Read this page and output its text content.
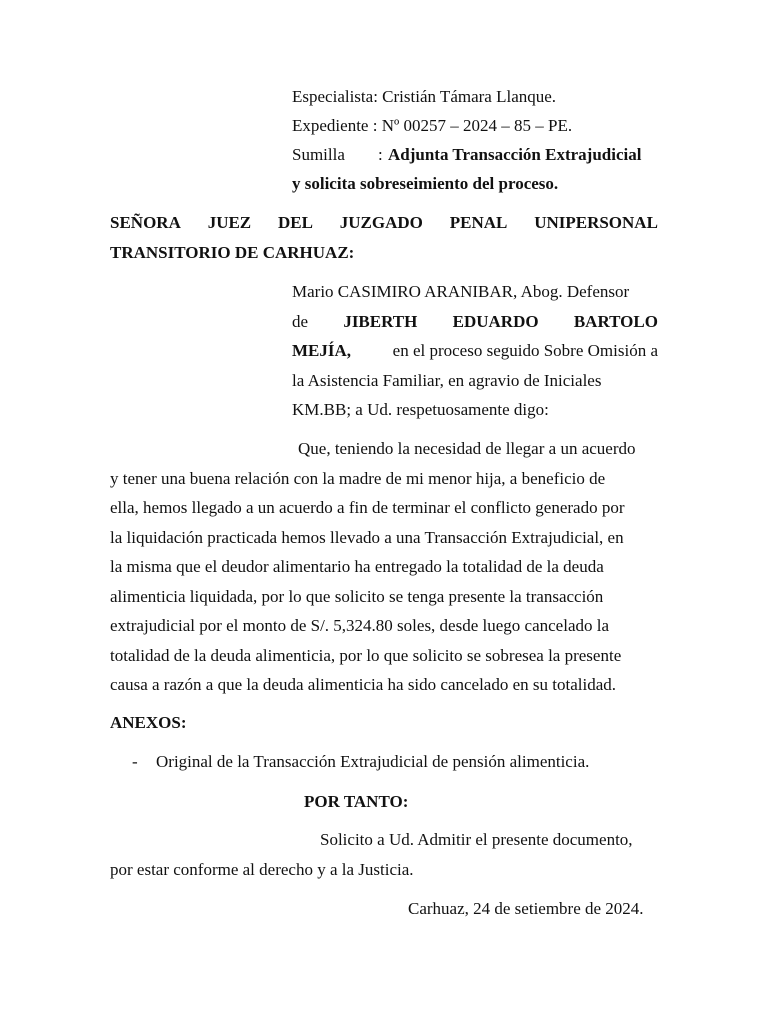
Especialista: Cristián Támara Llanque.
Expediente : Nº 00257 – 2024 – 85 – PE.
Sumilla : Adjunta Transacción Extrajudicial
y solicita sobreseimiento del proceso.
SEÑORA JUEZ DEL JUZGADO PENAL UNIPERSONAL
TRANSITORIO DE CARHUAZ:
Mario CASIMIRO ARANIBAR, Abog. Defensor
de JIBERTH EDUARDO BARTOLO
MEJÍA, en el proceso seguido Sobre Omisión a
la Asistencia Familiar, en agravio de Iniciales
KM.BB; a Ud. respetuosamente digo:
Que, teniendo la necesidad de llegar a un acuerdo
y tener una buena relación con la madre de mi menor hija, a beneficio de
ella, hemos llegado a un acuerdo a fin de terminar el conflicto generado por
la liquidación practicada hemos llevado a una Transacción Extrajudicial, en
la misma que el deudor alimentario ha entregado la totalidad de la deuda
alimenticia liquidada, por lo que solicito se tenga presente la transacción
extrajudicial por el monto de S/. 5,324.80 soles, desde luego cancelado la
totalidad de la deuda alimenticia, por lo que solicito se sobresea la presente
causa a razón a que la deuda alimenticia ha sido cancelado en su totalidad.
ANEXOS:
- Original de la Transacción Extrajudicial de pensión alimenticia.
POR TANTO:
Solicito a Ud. Admitir el presente documento,
por estar conforme al derecho y a la Justicia.
Carhuaz, 24 de setiembre de 2024.
